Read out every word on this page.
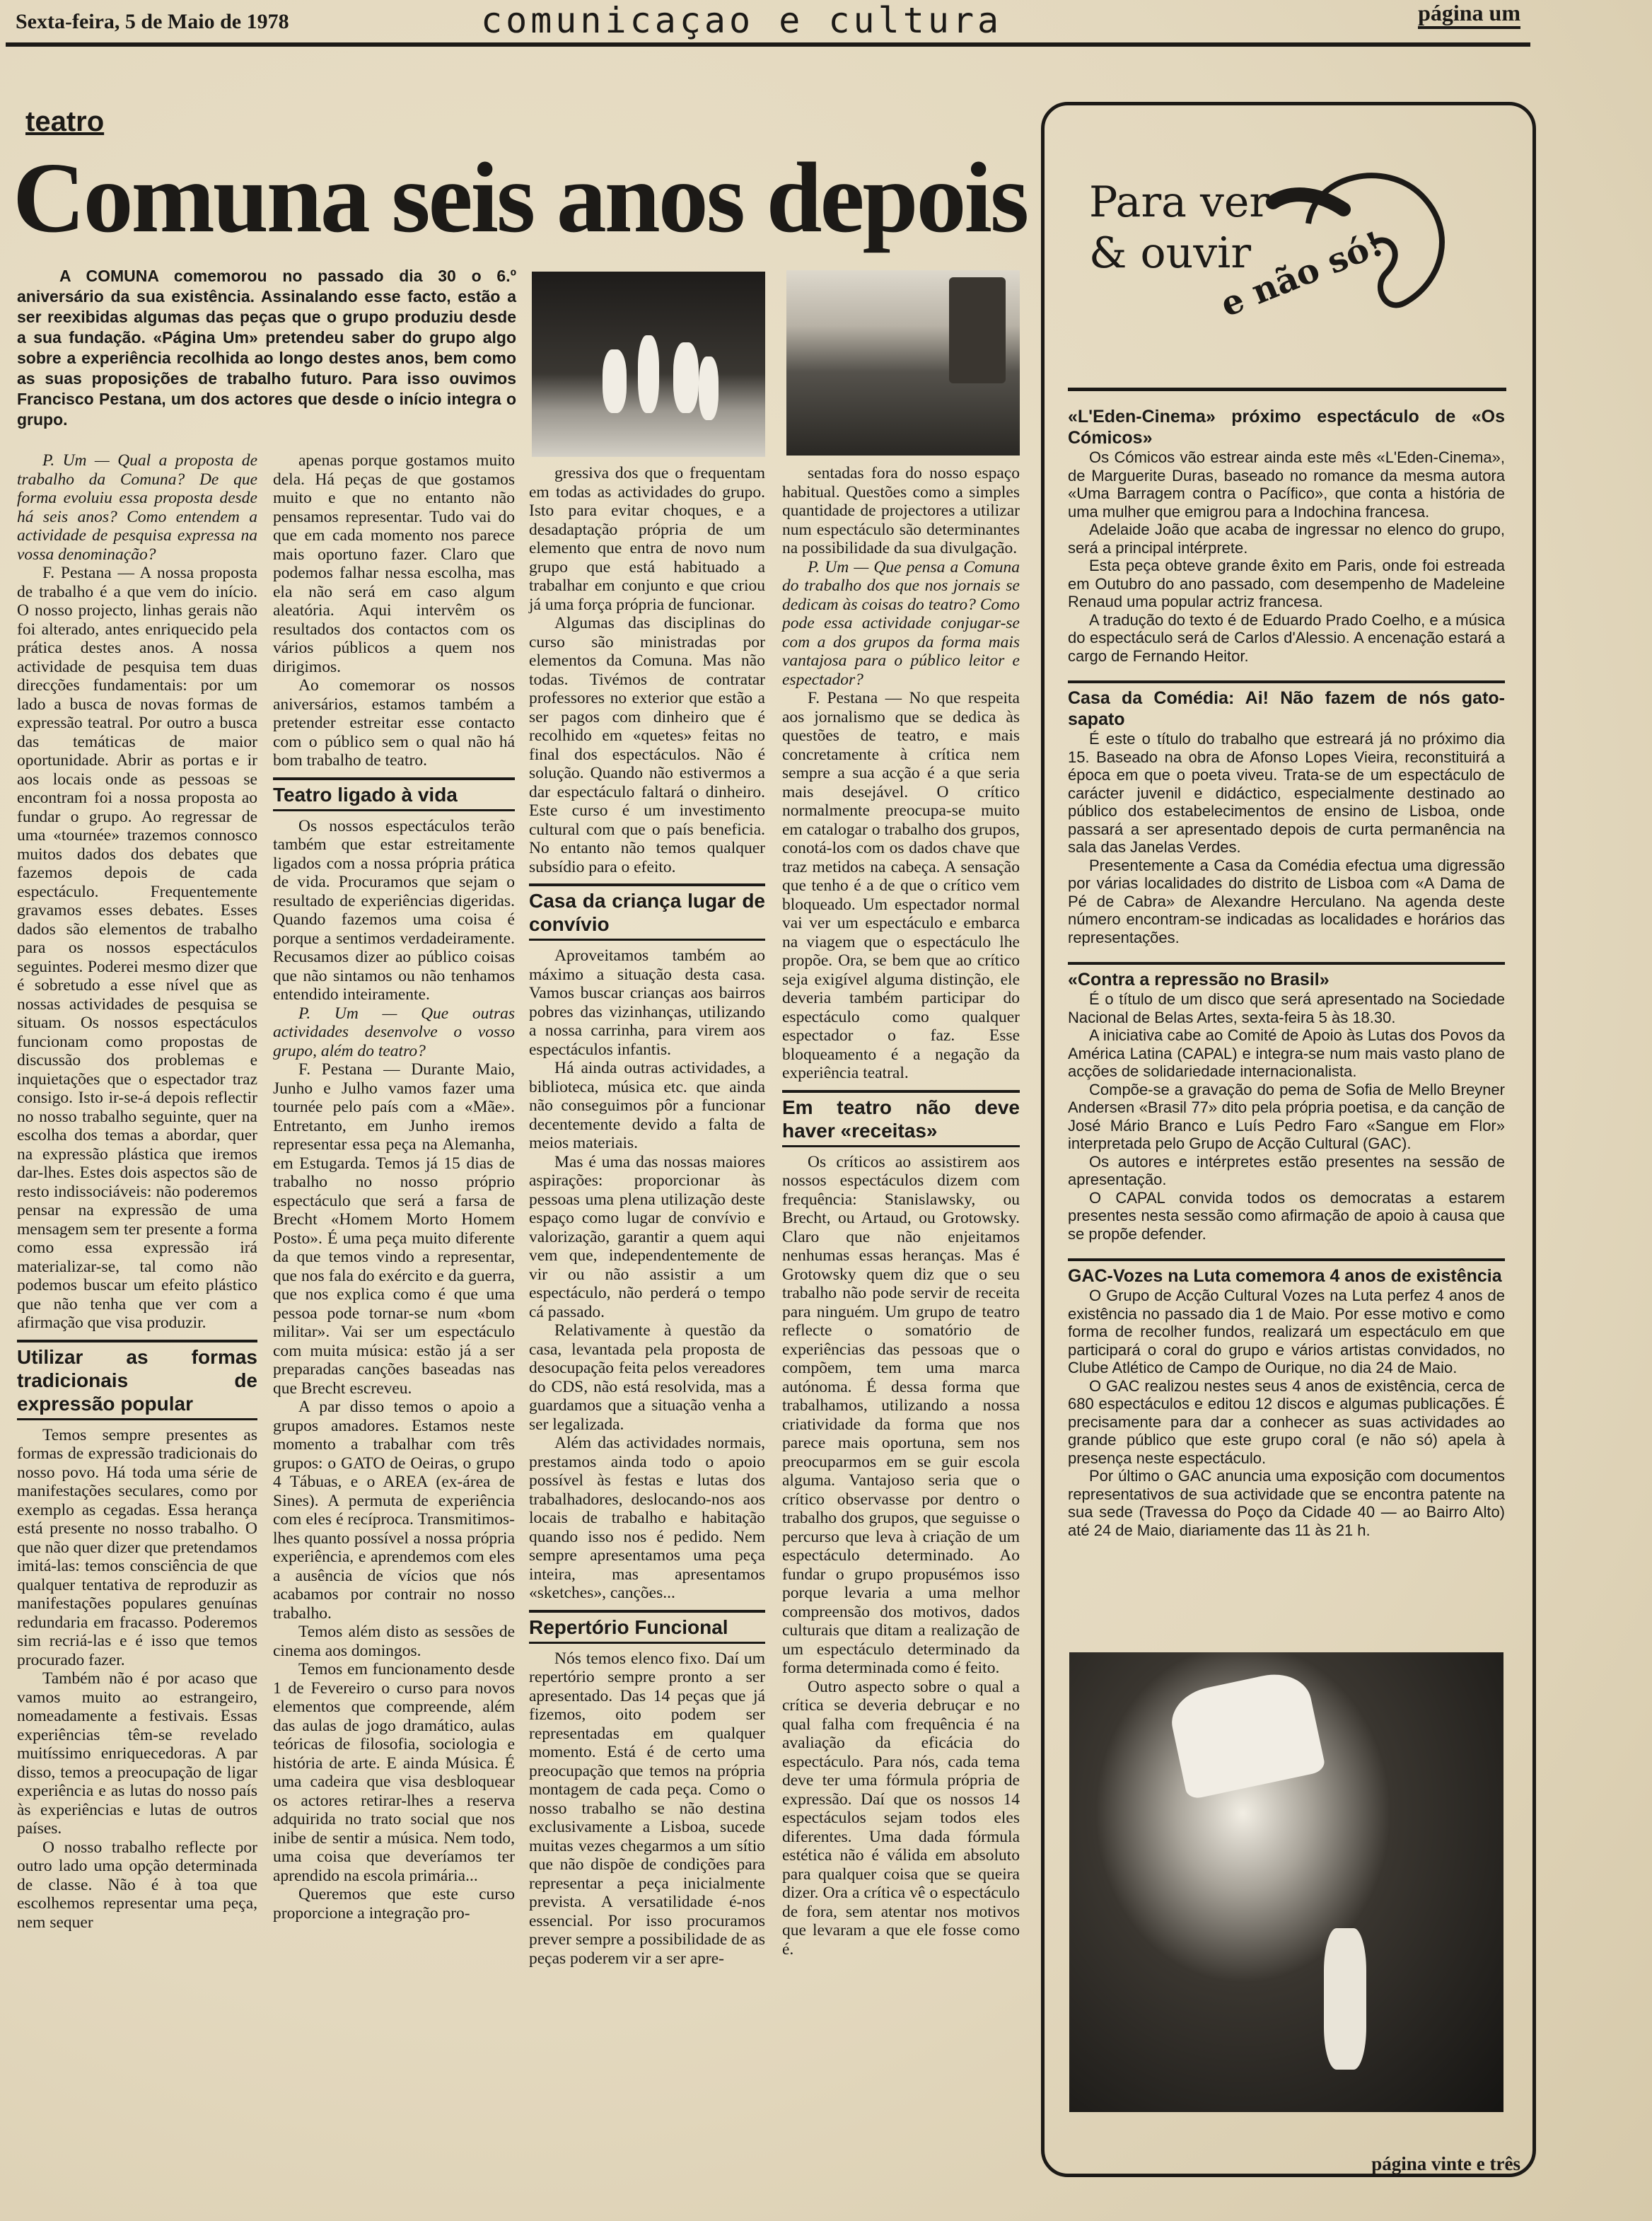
Sexta-feira, 5 de Maio de 1978	comunicaçao e cultura	página um
teatro
Comuna seis anos depois
A COMUNA comemorou no passado dia 30 o 6.º aniversário da sua existência. Assinalando esse facto, estão a ser reexibidas algumas das peças que o grupo produziu desde a sua fundação. «Página Um» pretendeu saber do grupo algo sobre a experiência recolhida ao longo destes anos, bem como as suas proposições de trabalho futuro. Para isso ouvimos Francisco Pestana, um dos actores que desde o início integra o grupo.

P. Um — Qual a proposta de trabalho da Comuna? De que forma evoluiu essa proposta desde há seis anos? Como entendem a actividade de pesquisa expressa na vossa denominação?

F. Pestana — A nossa proposta de trabalho é a que vem do início. O nosso projecto, linhas gerais não foi alterado, antes enriquecido pela prática destes anos. A nossa actividade de pesquisa tem duas direcções fundamentais: por um lado a busca de novas formas de expressão teatral. Por outro a busca das temáticas de maior oportunidade. Abrir as portas e ir aos locais onde as pessoas se encontram foi a nossa proposta ao fundar o grupo. Ao regressar de uma «tournée» trazemos connosco muitos dados dos debates que fazemos depois de cada espectáculo. Frequentemente gravamos esses debates. Esses dados são elementos de trabalho para os nossos espectáculos seguintes. Poderei mesmo dizer que é sobretudo a esse nível que as nossas actividades de pesquisa se situam. Os nossos espectáculos funcionam como propostas de discussão dos problemas e inquietações que o espectador traz consigo. Isto ir-se-á depois reflectir no nosso trabalho seguinte, quer na escolha dos temas a abordar, quer na expressão plástica que iremos dar-lhes. Estes dois aspectos são de resto indissociáveis: não poderemos pensar na expressão de uma mensagem sem ter presente a forma como essa expressão irá materializar-se, tal como não podemos buscar um efeito plástico que não tenha que ver com a afirmação que visa produzir.

Utilizar as formas tradicionais de expressão popular

Temos sempre presentes as formas de expressão tradicionais do nosso povo. Há toda uma série de manifestações seculares, como por exemplo as cegadas. Essa herança está presente no nosso trabalho. O que não quer dizer que pretendamos imitá-las: temos consciência de que qualquer tentativa de reproduzir as manifestações populares genuínas redundaria em fracasso. Poderemos sim recriá-las e é isso que temos procurado fazer.

Também não é por acaso que vamos muito ao estrangeiro, nomeadamente a festivais. Essas experiências têm-se revelado muitíssimo enriquecedoras. A par disso, temos a preocupação de ligar experiência e as lutas do nosso país às experiências e lutas de outros países.

O nosso trabalho reflecte por outro lado uma opção determinada de classe. Não é à toa que escolhemos representar uma peça, nem sequer

apenas porque gostamos muito dela. Há peças de que gostamos muito e que no entanto não pensamos representar. Tudo vai do que em cada momento nos parece mais oportuno fazer. Claro que podemos falhar nessa escolha, mas ela não será em caso algum aleatória. Aqui intervêm os resultados dos contactos com os vários públicos a quem nos dirigimos.

Ao comemorar os nossos aniversários, estamos também a pretender estreitar esse contacto com o público sem o qual não há bom trabalho de teatro.

Teatro ligado à vida

Os nossos espectáculos terão também que estar estreitamente ligados com a nossa própria prática de vida. Procuramos que sejam o resultado de experiências digeridas. Quando fazemos uma coisa é porque a sentimos verdadeiramente. Recusamos dizer ao público coisas que não sintamos ou não tenhamos entendido inteiramente.

P. Um — Que outras actividades desenvolve o vosso grupo, além do teatro?

F. Pestana — Durante Maio, Junho e Julho vamos fazer uma tournée pelo país com a «Mãe». Entretanto, em Junho iremos representar essa peça na Alemanha, em Estugarda. Temos já 15 dias de trabalho no nosso próprio espectáculo que será a farsa de Brecht «Homem Morto Homem Posto». É uma peça muito diferente da que temos vindo a representar, que nos fala do exército e da guerra, que nos explica como é que uma pessoa pode tornar-se num «bom militar». Vai ser um espectáculo com muita música: estão já a ser preparadas canções baseadas nas que Brecht escreveu.

A par disso temos o apoio a grupos amadores. Estamos neste momento a trabalhar com três grupos: o GATO de Oeiras, o grupo 4 Tábuas, e o AREA (ex-área de Sines). A permuta de experiência com eles é recíproca. Transmitimos-lhes quanto possível a nossa própria experiência, e aprendemos com eles a ausência de vícios que nós acabamos por contrair no nosso trabalho.

Temos além disto as sessões de cinema aos domingos.

Temos em funcionamento desde 1 de Fevereiro o curso para novos elementos que compreende, além das aulas de jogo dramático, aulas teóricas de filosofia, sociologia e história de arte. E ainda Música. É uma cadeira que visa desbloquear os actores retirar-lhes a reserva adquirida no trato social que nos inibe de sentir a música. Nem todo, uma coisa que deveríamos ter aprendido na escola primária...

Queremos que este curso proporcione a integração pro-

gressiva dos que o frequentam em todas as actividades do grupo. Isto para evitar choques, e a desadaptação própria de um elemento que entra de novo num grupo que está habituado a trabalhar em conjunto e que criou já uma força própria de funcionar.

Algumas das disciplinas do curso são ministradas por elementos da Comuna. Mas não todas. Tivémos de contratar professores no exterior que estão a ser pagos com dinheiro que é recolhido em «quetes» feitas no final dos espectáculos. Não é solução. Quando não estivermos a dar espectáculo faltará o dinheiro. Este curso é um investimento cultural com que o país beneficia. No entanto não temos qualquer subsídio para o efeito.

Casa da criança lugar de convívio

Aproveitamos também ao máximo a situação desta casa. Vamos buscar crianças aos bairros pobres das vizinhanças, utilizando a nossa carrinha, para virem aos espectáculos infantis.

Há ainda outras actividades, a biblioteca, música etc. que ainda não conseguimos pôr a funcionar decentemente devido a falta de meios materiais.

Mas é uma das nossas maiores aspirações: proporcionar às pessoas uma plena utilização deste espaço como lugar de convívio e valorização, garantir a quem aqui vem que, independentemente de vir ou não assistir a um espectáculo, não perderá o tempo cá passado.

Relativamente à questão da casa, levantada pela proposta de desocupação feita pelos vereadores do CDS, não está resolvida, mas a guardamos que a situação venha a ser legalizada.

Além das actividades normais, prestamos ainda todo o apoio possível às festas e lutas dos trabalhadores, deslocando-nos aos locais de trabalho e habitação quando isso nos é pedido. Nem sempre apresentamos uma peça inteira, mas apresentamos «sketches», canções...

Repertório Funcional

Nós temos elenco fixo. Daí um repertório sempre pronto a ser apresentado. Das 14 peças que já fizemos, oito podem ser representadas em qualquer momento. Está é de certo uma preocupação que temos na própria montagem de cada peça. Como o nosso trabalho se não destina exclusivamente a Lisboa, sucede muitas vezes chegarmos a um sítio que não dispõe de condições para representar a peça inicialmente prevista. A versatilidade é-nos essencial. Por isso procuramos prever sempre a possibilidade de as peças poderem vir a ser apre-

sentadas fora do nosso espaço habitual. Questões como a simples quantidade de projectores a utilizar num espectáculo são determinantes na possibilidade da sua divulgação.

P. Um — Que pensa a Comuna do trabalho dos que nos jornais se dedicam às coisas do teatro? Como pode essa actividade conjugar-se com a dos grupos da forma mais vantajosa para o público leitor e espectador?

F. Pestana — No que respeita aos jornalismo que se dedica às questões de teatro, e mais concretamente à crítica nem sempre a sua acção é a que seria mais desejável. O crítico normalmente preocupa-se muito em catalogar o trabalho dos grupos, conotá-los com os dados chave que traz metidos na cabeça. A sensação que tenho é a de que o crítico vem bloqueado. Um espectador normal vai ver um espectáculo e embarca na viagem que o espectáculo lhe propõe. Ora, se bem que ao crítico seja exigível alguma distinção, ele deveria também participar do espectáculo como qualquer espectador o faz. Esse bloqueamento é a negação da experiência teatral.

Em teatro não deve haver «receitas»

Os críticos ao assistirem aos nossos espectáculos dizem com frequência: Stanislawsky, ou Brecht, ou Artaud, ou Grotowsky. Claro que não enjeitamos nenhumas essas heranças. Mas é Grotowsky quem diz que o seu trabalho não pode servir de receita para ninguém. Um grupo de teatro reflecte o somatório de experiências das pessoas que o compõem, tem uma marca autónoma. É dessa forma que trabalhamos, utilizando a nossa criatividade da forma que nos parece mais oportuna, sem nos preocuparmos em se guir escola alguma. Vantajoso seria que o crítico observasse por dentro o trabalho dos grupos, que seguisse o percurso que leva à criação de um espectáculo determinado. Ao fundar o grupo propusémos isso porque levaria a uma melhor compreensão dos motivos, dados culturais que ditam a realização de um espectáculo determinado da forma determinada como é feito.

Outro aspecto sobre o qual a crítica se deveria debruçar e no qual falha com frequência é na avaliação da eficácia do espectáculo. Para nós, cada tema deve ter uma fórmula própria de expressão. Daí que os nossos 14 espectáculos sejam todos eles diferentes. Uma dada fórmula estética não é válida em absoluto para qualquer coisa que se queira dizer. Ora a crítica vê o espectáculo de fora, sem atentar nos motivos que levaram a que ele fosse como é.

Para ver
& ouvir
e não só!
«L'Eden-Cinema» próximo espectáculo de «Os Cómicos»

Os Cómicos vão estrear ainda este mês «L'Eden-Cinema», de Marguerite Duras, baseado no romance da mesma autora «Uma Barragem contra o Pacífico», que conta a história de uma mulher que emigrou para a Indochina francesa.

Adelaide João que acaba de ingressar no elenco do grupo, será a principal intérprete.

Esta peça obteve grande êxito em Paris, onde foi estreada em Outubro do ano passado, com desempenho de Madeleine Renaud uma popular actriz francesa.

A tradução do texto é de Eduardo Prado Coelho, e a música do espectáculo será de Carlos d'Alessio. A encenação estará a cargo de Fernando Heitor.

Casa da Comédia: Ai! Não fazem de nós gato-sapato

É este o título do trabalho que estreará já no próximo dia 15. Baseado na obra de Afonso Lopes Vieira, reconstituirá a época em que o poeta viveu. Trata-se de um espectáculo de carácter juvenil e didáctico, especialmente destinado ao público dos estabelecimentos de ensino de Lisboa, onde passará a ser apresentado depois de curta permanência na sala das Janelas Verdes.

Presentemente a Casa da Comédia efectua uma digressão por várias localidades do distrito de Lisboa com «A Dama de Pé de Cabra» de Alexandre Herculano. Na agenda deste número encontram-se indicadas as localidades e horários das representações.

«Contra a repressão no Brasil»

É o título de um disco que será apresentado na Sociedade Nacional de Belas Artes, sexta-feira 5 às 18.30.

A iniciativa cabe ao Comité de Apoio às Lutas dos Povos da América Latina (CAPAL) e integra-se num mais vasto plano de acções de solidariedade internacionalista.

Compõe-se a gravação do pema de Sofia de Mello Breyner Andersen «Brasil 77» dito pela própria poetisa, e da canção de José Mário Branco e Luís Pedro Faro «Sangue em Flor» interpretada pelo Grupo de Acção Cultural (GAC).

Os autores e intérpretes estão presentes na sessão de apresentação.

O CAPAL convida todos os democratas a estarem presentes nesta sessão como afirmação de apoio à causa que se propõe defender.

GAC-Vozes na Luta comemora 4 anos de existência

O Grupo de Acção Cultural Vozes na Luta perfez 4 anos de existência no passado dia 1 de Maio. Por esse motivo e como forma de recolher fundos, realizará um espectáculo em que participará o coral do grupo e vários artistas convidados, no Clube Atlético de Campo de Ourique, no dia 24 de Maio.

O GAC realizou nestes seus 4 anos de existência, cerca de 680 espectáculos e editou 12 discos e algumas publicações. É precisamente para dar a conhecer as suas actividades ao grande público que este grupo coral (e não só) apela à presença neste espectáculo.

Por último o GAC anuncia uma exposição com documentos representativos de sua actividade que se encontra patente na sua sede (Travessa do Poço da Cidade 40 — ao Bairro Alto) até 24 de Maio, diariamente das 11 às 21 h.

página vinte e três
